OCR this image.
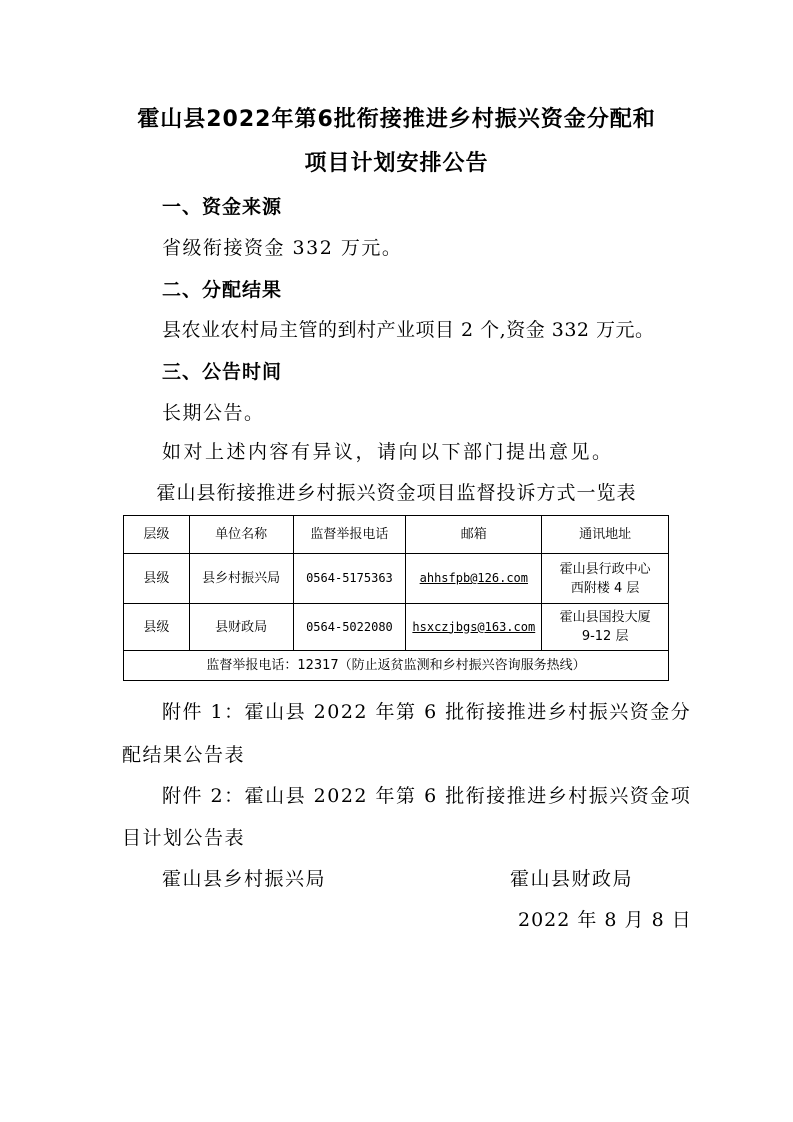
霍山县2022年第6批衔接推进乡村振兴资金分配和
项目计划安排公告
一、资金来源
省级衔接资金 332 万元。
二、分配结果
县农业农村局主管的到村产业项目 2 个,资金 332 万元。
三、公告时间
长期公告。
如对上述内容有异议，请向以下部门提出意见。
霍山县衔接推进乡村振兴资金项目监督投诉方式一览表
层级	单位名称	监督举报电话	邮箱	通讯地址
县级	县乡村振兴局	0564-5175363	ahhsfpb@126.com	霍山县行政中心
西附楼 4 层

县级	县财政局	0564-5022080	hsxczjbgs@163.com	霍山县国投大厦
9-12 层

监督举报电话：12317（防止返贫监测和乡村振兴咨询服务热线）				
附件 1：霍山县 2022 年第 6 批衔接推进乡村振兴资金分
配结果公告表
附件 2：霍山县 2022 年第 6 批衔接推进乡村振兴资金项
目计划公告表
霍山县乡村振兴局	霍山县财政局
2022 年 8 月 8 日
